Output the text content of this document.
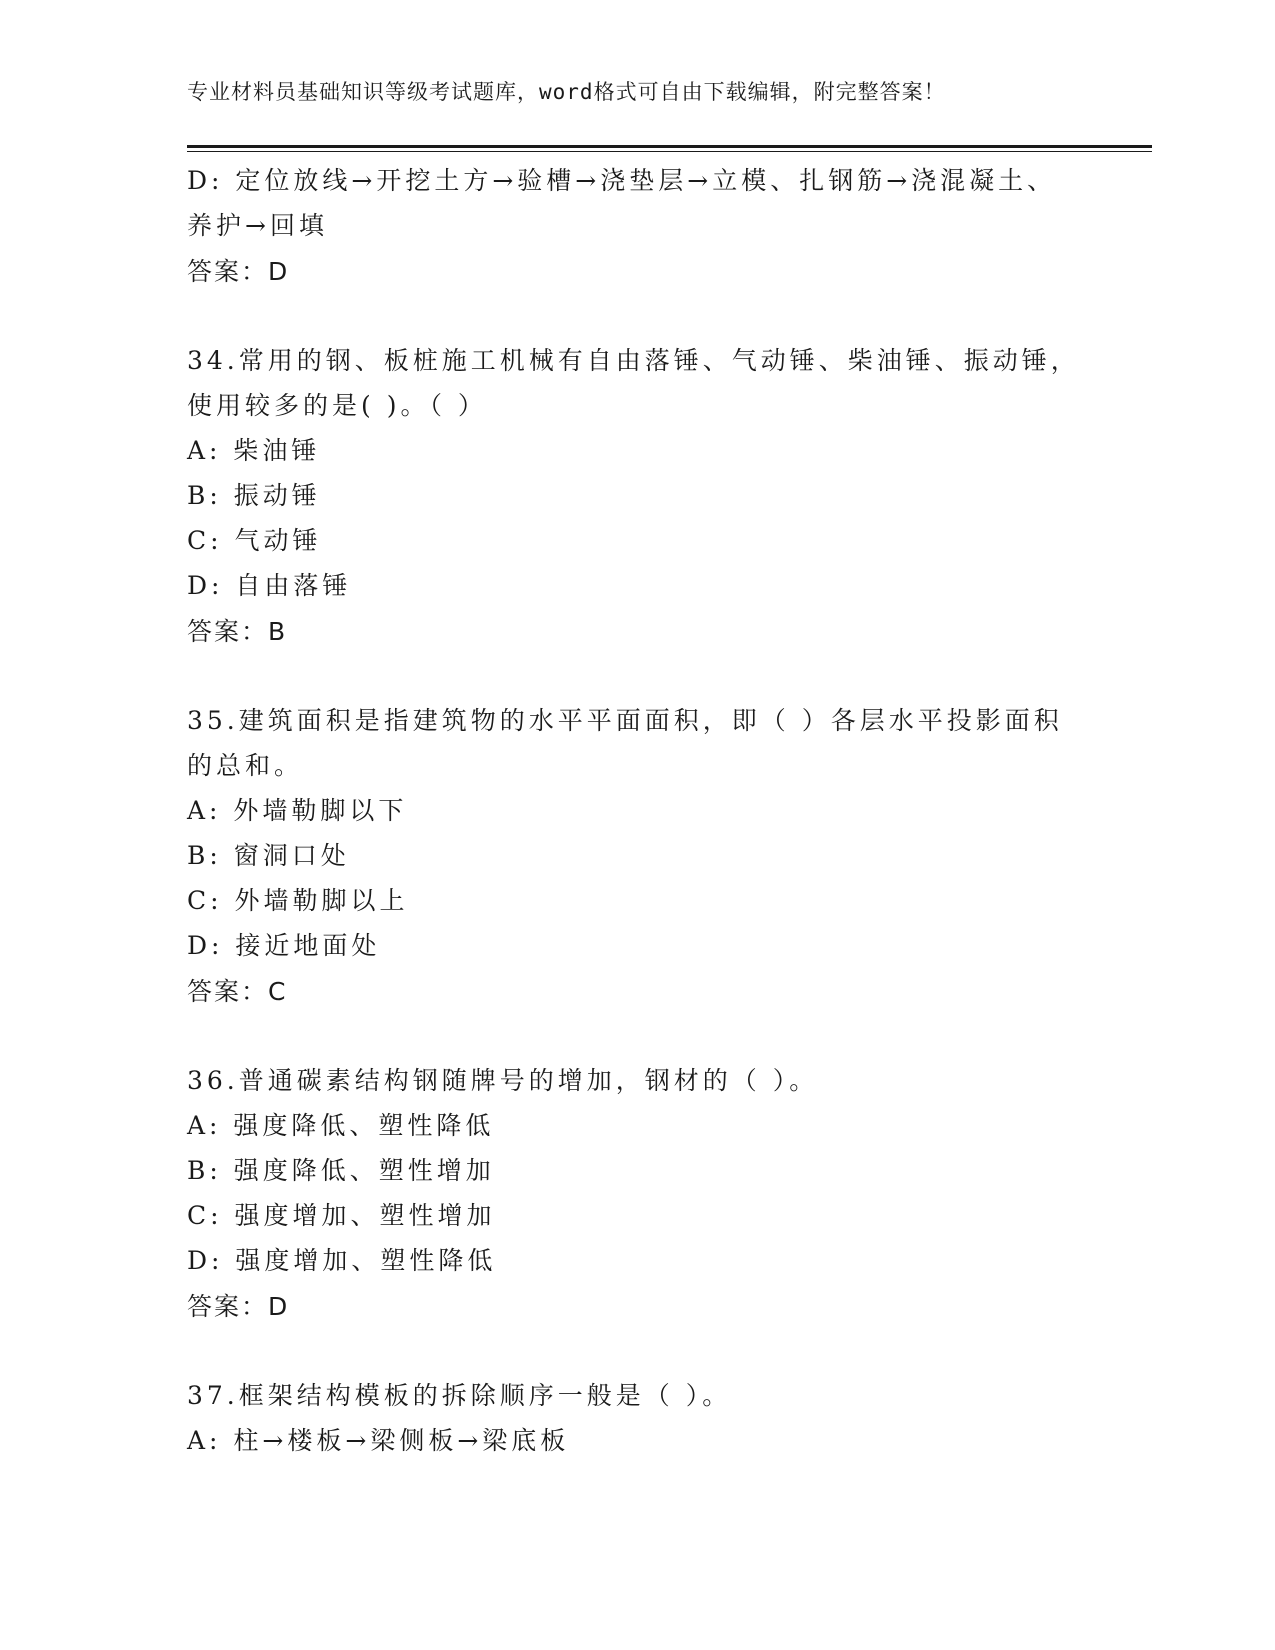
专业材料员基础知识等级考试题库，word格式可自由下载编辑，附完整答案！
D: 定位放线→开挖土方→验槽→浇垫层→立模、扎钢筋→浇混凝土、
养护→回填
答案：D
34.常用的钢、板桩施工机械有自由落锤、气动锤、柴油锤、振动锤，
使用较多的是( )。（ ）
A: 柴油锤
B: 振动锤
C: 气动锤
D: 自由落锤
答案：B
35.建筑面积是指建筑物的水平平面面积，即（ ）各层水平投影面积
的总和。
A: 外墙勒脚以下
B: 窗洞口处
C: 外墙勒脚以上
D: 接近地面处
答案：C
36.普通碳素结构钢随牌号的增加，钢材的（ ）。
A: 强度降低、塑性降低
B: 强度降低、塑性增加
C: 强度增加、塑性增加
D: 强度增加、塑性降低
答案：D
37.框架结构模板的拆除顺序一般是（ ）。
A: 柱→楼板→梁侧板→梁底板
